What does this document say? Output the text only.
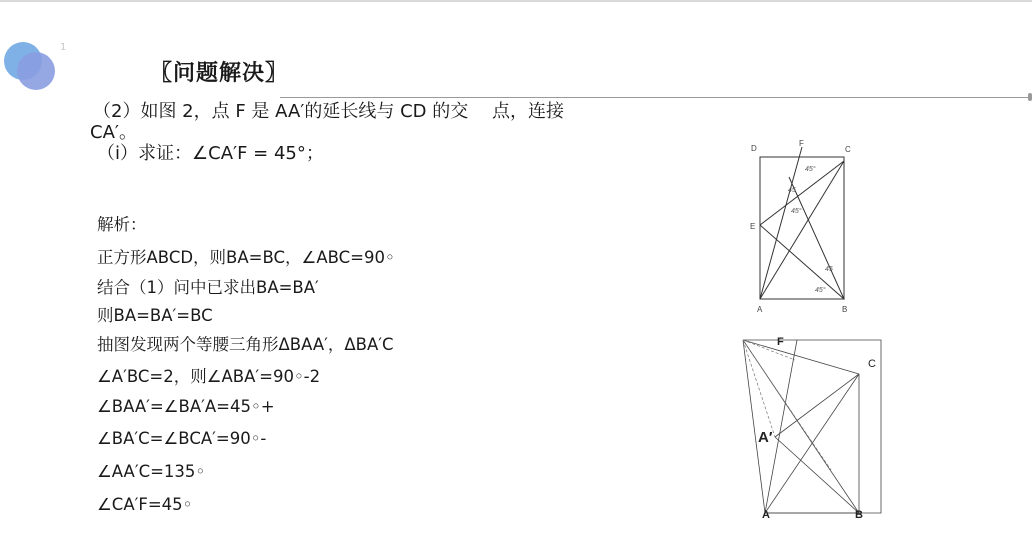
1
〖问题解决〗
（2）如图 2，点 F 是 AA′的延长线与 CD 的交　 点，连接
CA′。
（i）求证：∠CA′F = 45°；
解析：
正方形ABCD，则BA=BC，∠ABC=90◦
结合（1）问中已求出BA=BA′
则BA=BA′=BC
抽图发现两个等腰三角形ΔBAA′，ΔBA′C
∠A′BC=2，则∠ABA′=90◦-2
∠BAA′=∠BA′A=45◦+
∠BA′C=∠BCA′=90◦-
∠AA′C=135◦
∠CA′F=45◦
45°
45
45°
45
45°
D
F
C
E
A	B
F
C
A′
A	B
